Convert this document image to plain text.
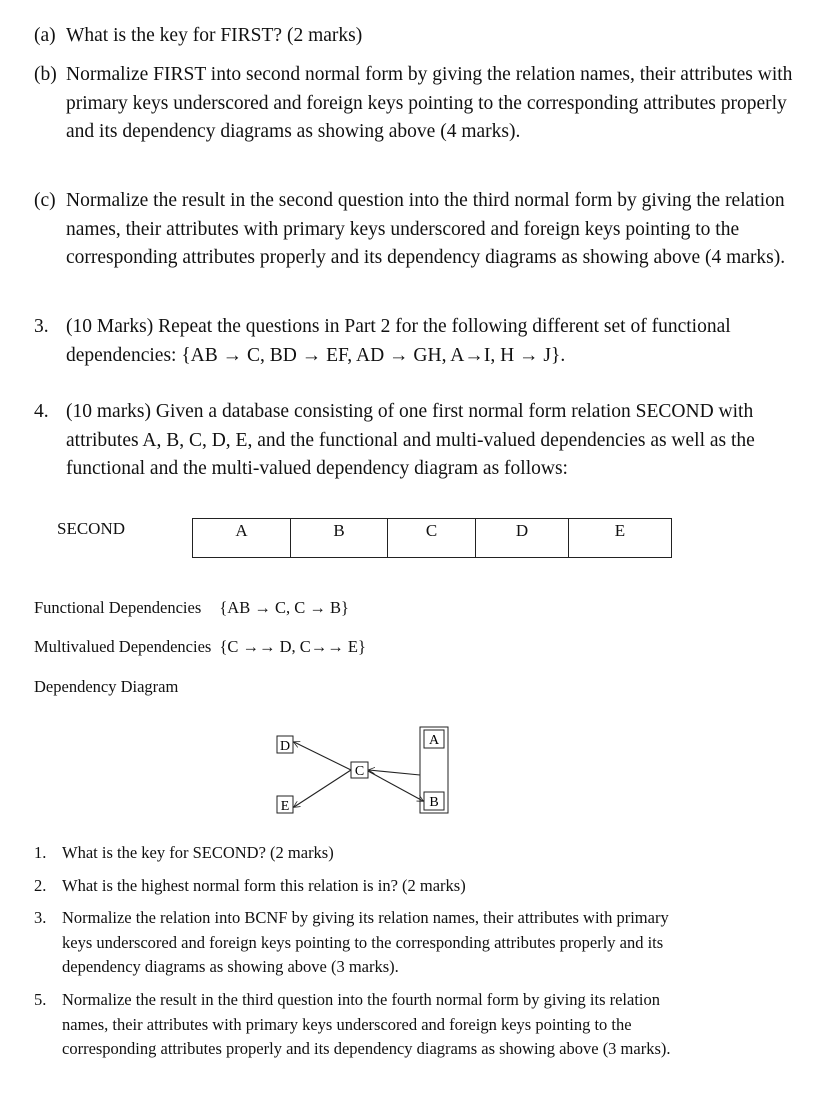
(a) What is the key for FIRST? (2 marks)
(b) Normalize FIRST into second normal form by giving the relation names, their attributes with primary keys underscored and foreign keys pointing to the corresponding attributes properly and its dependency diagrams as showing above (4 marks).
(c) Normalize the result in the second question into the third normal form by giving the relation names, their attributes with primary keys underscored and foreign keys pointing to the corresponding attributes properly and its dependency diagrams as showing above (4 marks).
3. (10 Marks) Repeat the questions in Part 2 for the following different set of functional dependencies: {AB → C, BD → EF, AD → GH, A→I, H → J}.
4. (10 marks) Given a database consisting of one first normal form relation SECOND with attributes A, B, C, D, E, and the functional and multi-valued dependencies as well as the functional and the multi-valued dependency diagram as follows:
SECOND	A	B	C	D	E
Functional Dependencies {AB → C, C → B}
Multivalued Dependencies {C →→ D, C→→ E}
Dependency Diagram
D
E
C
A
B
1. What is the key for SECOND? (2 marks)
2. What is the highest normal form this relation is in? (2 marks)
3. Normalize the relation into BCNF by giving its relation names, their attributes with primary keys underscored and foreign keys pointing to the corresponding attributes properly and its dependency diagrams as showing above (3 marks).
5. Normalize the result in the third question into the fourth normal form by giving its relation names, their attributes with primary keys underscored and foreign keys pointing to the corresponding attributes properly and its dependency diagrams as showing above (3 marks).
